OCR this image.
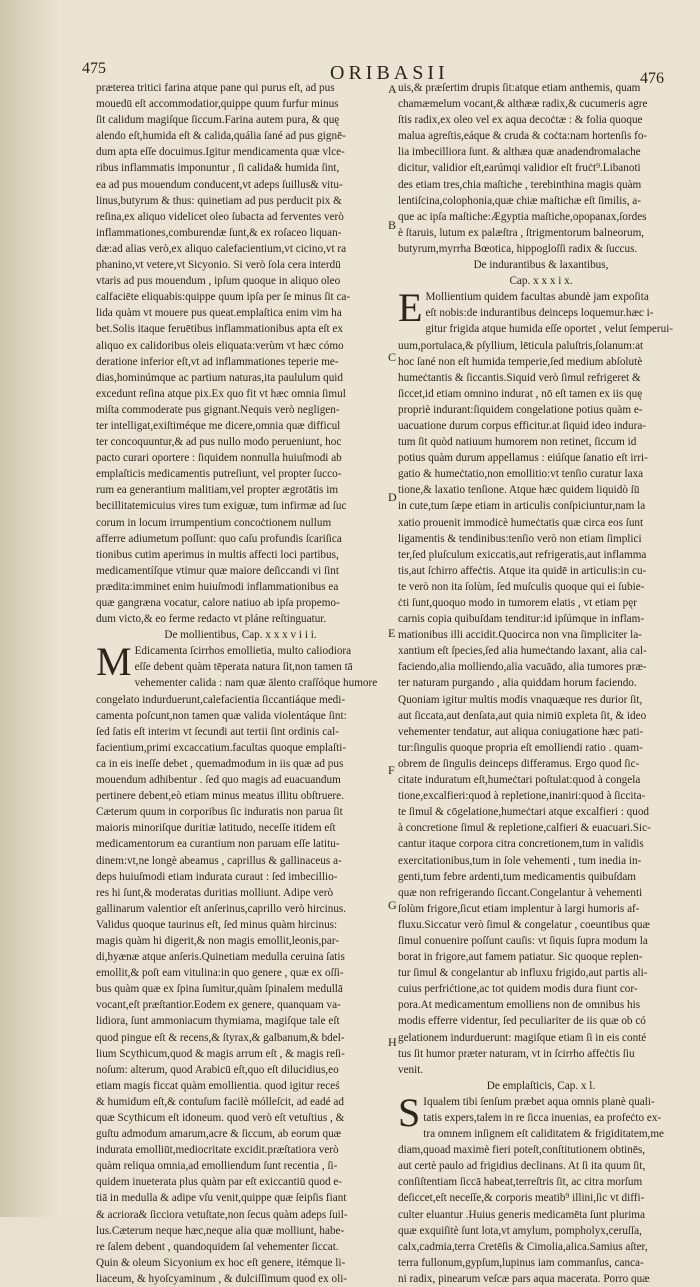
475	ORIBASII	476
A
B
C
D
E
F
G
H
præterea tritici farina atque pane qui purus eſt, ad pus
mouedū eſt accommodatior,quippe quum furfur minus
ſit calidum magiſque ſiccum.Farina autem pura, & quę
alendo eſt,humida eſt & calida,quália ſané ad pus gignē-
dum apta eſſe docuimus.Igitur mendicamenta quæ vlce-
ribus inflammatis imponuntur , ſi calida& humida ſint,
ea ad pus mouendum conducent,vt adeps ſuillus& vitu-
linus,butyrum & thus: quinetiam ad pus perducit pix &
reſina,ex aliquo videlicet oleo ſubacta ad ferventes verò
inflammationes,comburendæ ſunt,& ex roſaceo liquan-
dæ:ad alias verò,ex aliquo calefacientium,vt cicino,vt ra
phanino,vt vetere,vt Sicyonio. Si verò ſola cera interdū
vtaris ad pus mouendum , ipſum quoque in aliquo oleo
calfaciēte eliquabis:quippe quum ipſa per ſe minus ſit ca-
lida quàm vt mouere pus queat.emplaſtica enim vim ha
bet.Solis itaque feruētibus inflammationibus apta eſt ex
aliquo ex calidoribus oleis eliquata:verùm vt hæc cómo
deratione inferior eſt,vt ad inflammationes teperie me-
dias,hominúmque ac partium naturas,ita paululum quid
excedunt reſina atque pix.Ex quo fit vt hæc omnia ſimul
miſta commoderate pus gignant.Nequis verò negligen-
ter intelligat,exiſtiméque me dicere,omnia quæ difficul
ter concoquuntur,& ad pus nullo modo perueniunt, hoc
pacto curari oportere : ſiquidem nonnulla huiuſmodi ab
emplaſticis medicamentis putreſiunt, vel propter ſucco-
rum ea generantium malitiam,vel propter ægrotātis im
becillitatemicuius vires tum exiguæ, tum infirmæ ad ſuc
corum in locum irrumpentium concoċtionem nullum
afferre adiumetum poſſunt: quo caſu profundis ſcariſica
tionibus cutim aperimus in multis affecti loci partibus,
medicamentíſque vtimur quæ maiore deſiccandi vi ſint
prædita:imminet enim huiuſmodi inflammationibus ea
quæ gangræna vocatur, calore natiuo ab ipſa propemo-
dum victo,& eo ferme redacto vt pláne reſtinguatur.
De mollientibus, Cap. x x x v i i i.
M Edicamenta ſcirrhos emollietia, multo caliodiora
eſſe debent quàm tēperata natura ſit,non tamen tā
vehementer calida : nam quæ ālento craſſóque humore
congelato indurduerunt,calefacientia ſiccantiáque medi-
camenta poſcunt,non tamen quæ valida violentáque ſint:
ſed ſatis eſt interim vt ſecundi aut tertii ſint ordinis cal-
facientium,primi excaccatium.facultas quoque emplaſti-
ca in eis ineſſe debet , quemadmodum in iis quæ ad pus
mouendum adhibentur . ſed quo magis ad euacuandum
pertinere debent,eò etiam minus meatus illitu obſtruere.
Cæterum quum in corporibus ſic induratis non parua ſit
maioris minoriſque duritiæ latitudo, neceſſe itidem eſt
medicamentorum ea curantium non paruam eſſe latitu-
dinem:vt,ne longè abeamus , caprillus & gallinaceus a-
deps huiuſmodi etiam indurata curaut : ſed imbecillio-
res hi ſunt,& moderatas duritias molliunt. Adipe verò
gallinarum valentior eſt anſerinus,caprillo verò hircinus.
Validus quoque taurinus eſt, ſed minus quàm hircinus:
magis quàm hi digerit,& non magis emollit,leonis,par-
di,hyænæ atque anſeris.Quinetiam medulla ceruina ſatis
emollit,& poſt eam vitulina:in quo genere , quæ ex oſſi-
bus quàm quæ ex ſpina ſumitur,quàm ſpinalem medullā
vocant,eſt præſtantior.Eodem ex genere, quanquam va-
lidiora, ſunt ammoniacum thymiama, magiſque tale eſt
quod pingue eſt & recens,& ſtyrax,& galbanum,& bdel-
lium Scythicum,quod & magis arrum eſt , & magis reſi-
noſum: alterum, quod Arabicū eſt,quo eſt dilucidius,eo
etiam magis ficcat quàm emollientia. quod igitur receś
& humidum eſt,& contuſum facilè mólleſcit, ad eadé ad
quæ Scythicum eſt idoneum. quod verò eſt vetuſtius , &
guſtu admodum amarum,acre & ſiccum, ab eorum quæ
indurata emolliūt,mediocritate excidit.præſtatiora verò
quàm reliqua omnia,ad emolliendum ſunt recentia , ſi-
quidem inueterata plus quàm par eſt exiccantiū quod e-
tiā in medulla & adipe vſu venit,quippe quæ ſeipſis fiant
& acriora& ſicciora vetuſtate,non ſecus quàm adeps ſuil-
lus.Cæterum neque hæc,neque alia quæ molliunt, habe-
re ſalem debent , quandoquidem ſal vehementer ſiccat.
Quin & oleum Sicyonium ex hoc eſt genere, itémque li-
liaceum, & hyoſcyaminum , & dulciſſimum quod ex oli-
uis,& præſertim drupis ſit:atque etiam anthemis, quam
chamæmelum vocant,& althææ radix,& cucumeris agre
ſtis radix,ex oleo vel ex aqua decoċtæ : & folia quoque
malua agreſtis,eáque & cruda & coċta:nam hortenſis fo-
lia imbecilliora ſunt. & althæa quæ anadendromalache
dicitur, validior eſt,earúmqi validior eſt fruċt⁹.Libanoti
des etiam tres,chia maſtiche , terebinthina magis quàm
lentiſcina,colophonia,quæ chiæ maſtichæ eſt ſimilis, a-
que ac ipſa maſtiche:Ægyptia maſtiche,opopanax,ſordes
è ſtaruis, lutum ex palæſtra , ſtrigmentorum balneorum,
butyrum,myrrha Bœotica, hippogloſſi radix & ſuccus.
De indurantibus & laxantibus,
Cap. x x x i x.
E Mollientium quidem facultas abundè jam expoſita
eſt nobis:de indurantibus deinceps loquemur.hæc i-
gitur frigida atque humida eſſe oportet , velut ſemperui-
uum,portulaca,& pſyllium, lēticula paluſtris,ſolanum:at
hoc ſané non eſt humida temperie,ſed medium abſolutè
humeċtantis & ſiccantis.Siquid verò ſimul refrigeret &
ſiccet,id etiam omnino indurat , nō eſt tamen ex iis quę
propriè indurant:ſiquidem congelatione potius quàm e-
uacuatione durum corpus efficitur.at ſiquid ideo indura-
tum ſit quòd natiuum humorem non retinet, ſiccum id
potius quàm durum appellamus : eiúſque ſanatio eſt irri-
gatio & humeċtatio,non emollitio:vt tenſio curatur laxa
tione,& laxatio tenſione. Atque hæc quidem liquidò ſū
in cute,tum ſæpe etiam in articulis conſpiciuntur,nam la
xatio prouenit immodicè humeċtatis quæ circa eos ſunt
ligamentis & tendinibus:tenſio verò non etiam ſimplici
ter,ſed pluſculum exiccatis,aut refrigeratis,aut inflamma
tis,aut ſchirro affeċtis. Atque ita quidē in articulis:in cu-
te verò non ita ſolùm, ſed muſculis quoque qui ei ſubie-
ċti ſunt,quoquo modo in tumorem elatis , vt etiam pęr
carnis copia quibuſdam tenditur:id ipſúmque in inflam-
mationibus illi accidit.Quocirca non vna ſimpliciter la-
xantium eſt ſpecies,ſed alia humeċtando laxant, alia cal-
faciendo,alia molliendo,alia vacuādo, alia tumores præ-
ter naturam purgando , alia quiddam horum faciendo.
Quoniam igitur multis modis vnaquæque res durior ſit,
aut ſiccata,aut denſata,aut quia nimiū expleta ſit, & ideo
vehementer tendatur, aut aliqua coniugatione hæc pati-
tur:ſingulis quoque propria eſt emolliendi ratio . quam-
obrem de ſingulis deinceps differamus. Ergo quod ſic-
citate induratum eſt,humeċtari poſtulat:quod à congela
tione,excalfieri:quod à repletione,inaniri:quod à ſiccita-
te ſimul & cōgelatione,humeċtari atque excalfieri : quod
à concretione ſimul & repletione,calfieri & euacuari.Sic-
cantur itaque corpora citra concretionem,tum in validis
exercitationibus,tum in ſole vehementi , tum inedia in-
genti,tum febre ardenti,tum medicamentis quibuſdam
quæ non refrigerando ſiccant.Congelantur à vehementi
ſolùm frigore,ſicut etiam implentur à largi humoris af-
fluxu.Siccatur verò ſimul & congelatur , coeuntibus quæ
ſimul conuenire poſſunt cauſis: vt ſiquis ſupra modum la
borat in frigore,aut famem patiatur. Sic quoque replen-
tur ſimul & congelantur ab influxu frigido,aut partis ali-
cuius perfrićtione,ac tot quidem modis dura fiunt cor-
pora.At medicamentum emolliens non de omnibus his
modis efferre videntur, ſed peculiariter de iis quæ ob có
gelationem indurduerunt: magiſque etiam ſi in eis conté
tus ſit humor præter naturam, vt in ſcirrho affeċtis ſiu
venit.
De emplaſticis, Cap. x l.
S Iqualem tibi ſenſum præbet aqua omnis planè quali-
tatis expers,talem in re ſicca inuenias, ea profeċto ex-
tra omnem inſignem eſt caliditatem & frigiditatem,me
diam,quoad maximè fieri poteſt,conſtitutionem obtinēs,
aut certè paulo ad frigidius declinans. At ſi ita quum ſit,
conſiſtentiam ſiccā habeat,terreſtris ſit, ac citra morſum
deſiccet,eſt neceſſe,& corporis meatib⁹ illini,ſic vt diffi-
culter eluantur .Huius generis medicamēta ſunt plurima
quæ exquiſitè ſunt lota,vt amylum, pompholyx,ceruſſa,
calx,cadmia,terra Cretēſis & Cimolia,alica.Samius aſter,
terra fullonum,gypſum,lupinus iam commanſus, canca-
ni radix, pinearum veſcæ pars aqua macerata. Porro quæ
